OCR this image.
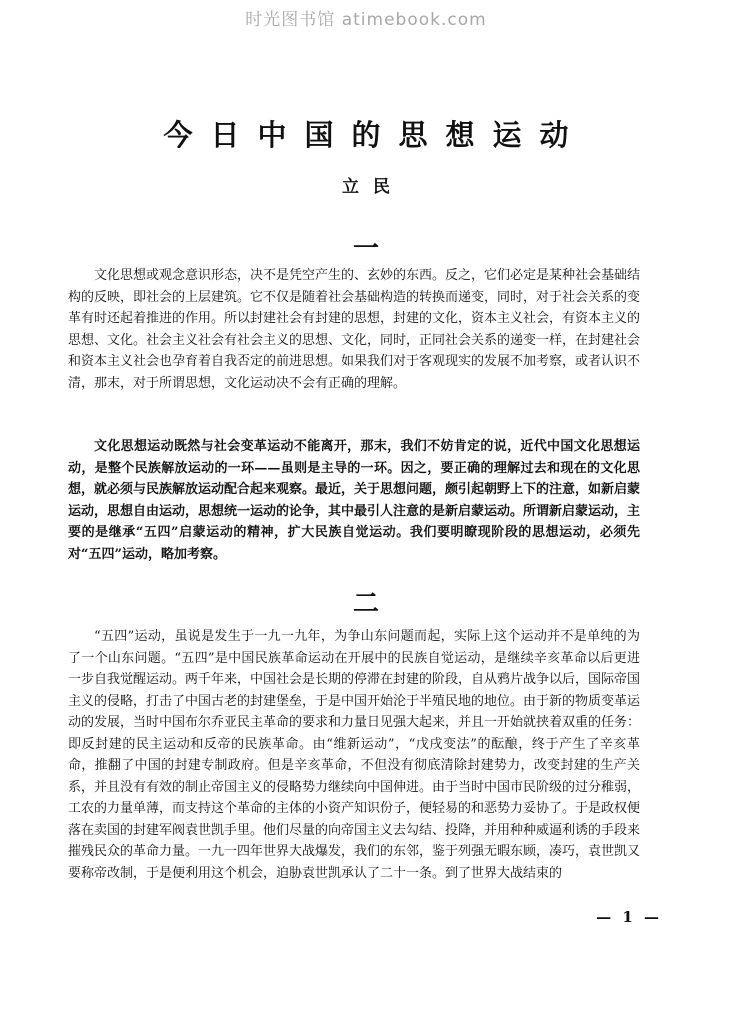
时光图书馆 atimebook.com
今日中国的思想运动
立民
一

文化思想或观念意识形态，决不是凭空产生的、玄妙的东西。反之，它们必定是某种社会基础结构的反映，即社会的上层建筑。它不仅是随着社会基础构造的转换而递变，同时，对于社会关系的变革有时还起着推进的作用。所以封建社会有封建的思想，封建的文化，资本主义社会，有资本主义的思想、文化。社会主义社会有社会主义的思想、文化，同时，正同社会关系的递变一样，在封建社会和资本主义社会也孕育着自我否定的前进思想。如果我们对于客观现实的发展不加考察，或者认识不清，那末，对于所谓思想，文化运动决不会有正确的理解。

文化思想运动既然与社会变革运动不能离开，那末，我们不妨肯定的说，近代中国文化思想运动，是整个民族解放运动的一环——虽则是主导的一环。因之，要正确的理解过去和现在的文化思想，就必须与民族解放运动配合起来观察。最近，关于思想问题，颇引起朝野上下的注意，如新启蒙运动，思想自由运动，思想统一运动的论争，其中最引人注意的是新启蒙运动。所谓新启蒙运动，主要的是继承“五四”启蒙运动的精神，扩大民族自觉运动。我们要明瞭现阶段的思想运动，必须先对“五四”运动，略加考察。

二

“五四”运动，虽说是发生于一九一九年，为争山东问题而起，实际上这个运动并不是单纯的为了一个山东问题。“五四”是中国民族革命运动在开展中的民族自觉运动，是继续辛亥革命以后更进一步自我觉醒运动。两千年来，中国社会是长期的停滞在封建的阶段，自从鸦片战争以后，国际帝国主义的侵略，打击了中国古老的封建堡垒，于是中国开始沦于半殖民地的地位。由于新的物质变革运动的发展，当时中国布尔乔亚民主革命的要求和力量日见强大起来，并且一开始就挟着双重的任务：即反封建的民主运动和反帝的民族革命。由“维新运动”，“戊戌变法”的酝酿，终于产生了辛亥革命，推翻了中国的封建专制政府。但是辛亥革命，不但没有彻底清除封建势力，改变封建的生产关系，并且没有有效的制止帝国主义的侵略势力继续向中国伸进。由于当时中国市民阶级的过分稚弱，工农的力量单薄，而支持这个革命的主体的小资产知识份子，便轻易的和恶势力妥协了。于是政权便落在卖国的封建军阀袁世凯手里。他们尽量的向帝国主义去勾结、投降，并用种种威逼利诱的手段来摧残民众的革命力量。一九一四年世界大战爆发，我们的东邻，鉴于列强无暇东顾，凑巧，袁世凯又要称帝改制，于是便利用这个机会，迫胁袁世凯承认了二十一条。到了世界大战结束的

— 1 —
